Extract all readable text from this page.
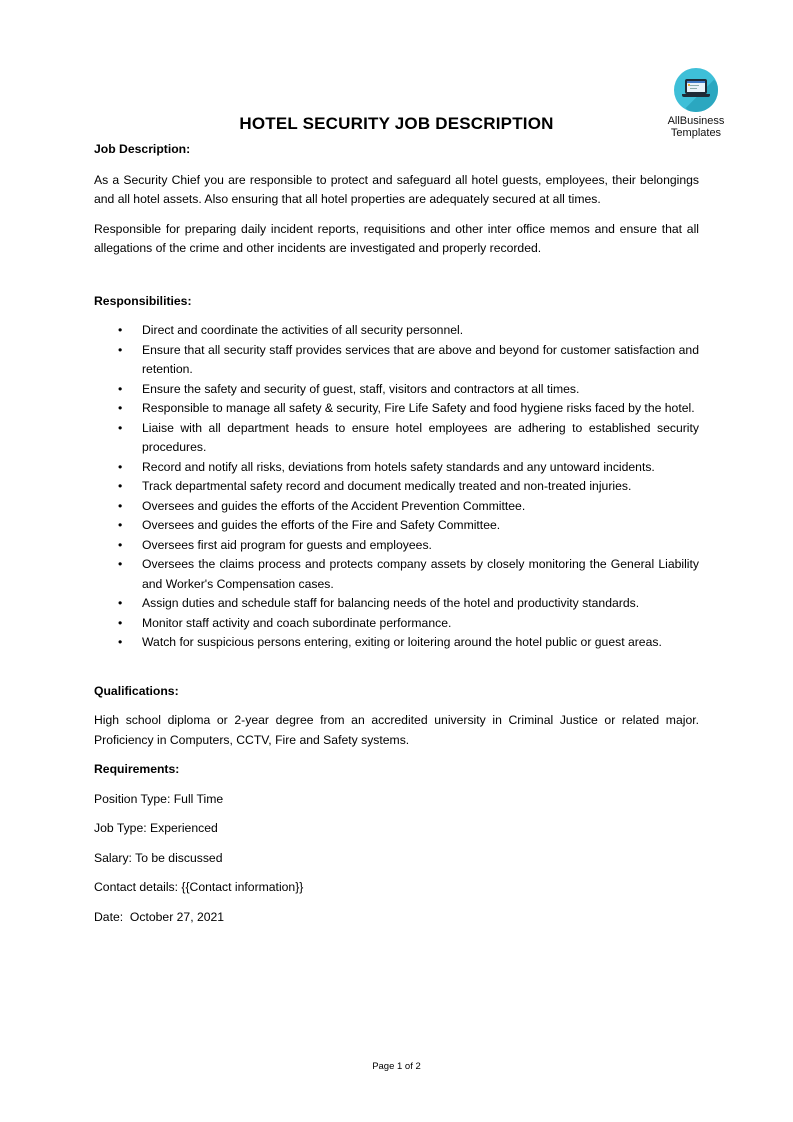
AllBusiness
Templates
HOTEL SECURITY JOB DESCRIPTION

Job Description:

As a Security Chief you are responsible to protect and safeguard all hotel guests, employees, their belongings and all hotel assets. Also ensuring that all hotel properties are adequately secured at all times.

Responsible for preparing daily incident reports, requisitions and other inter office memos and ensure that all allegations of the crime and other incidents are investigated and properly recorded.

Responsibilities:

• Direct and coordinate the activities of all security personnel.
• Ensure that all security staff provides services that are above and beyond for customer satisfaction and retention.
• Ensure the safety and security of guest, staff, visitors and contractors at all times.
• Responsible to manage all safety & security, Fire Life Safety and food hygiene risks faced by the hotel.
• Liaise with all department heads to ensure hotel employees are adhering to established security procedures.
• Record and notify all risks, deviations from hotels safety standards and any untoward incidents.
• Track departmental safety record and document medically treated and non-treated injuries.
• Oversees and guides the efforts of the Accident Prevention Committee.
• Oversees and guides the efforts of the Fire and Safety Committee.
• Oversees first aid program for guests and employees.
• Oversees the claims process and protects company assets by closely monitoring the General Liability and Worker's Compensation cases.
• Assign duties and schedule staff for balancing needs of the hotel and productivity standards.
• Monitor staff activity and coach subordinate performance.
• Watch for suspicious persons entering, exiting or loitering around the hotel public or guest areas.

Qualifications:

High school diploma or 2-year degree from an accredited university in Criminal Justice or related major. Proficiency in Computers, CCTV, Fire and Safety systems.

Requirements:

Position Type: Full Time

Job Type: Experienced

Salary: To be discussed

Contact details: {{Contact information}}

Date:  October 27, 2021

Page 1 of 2
